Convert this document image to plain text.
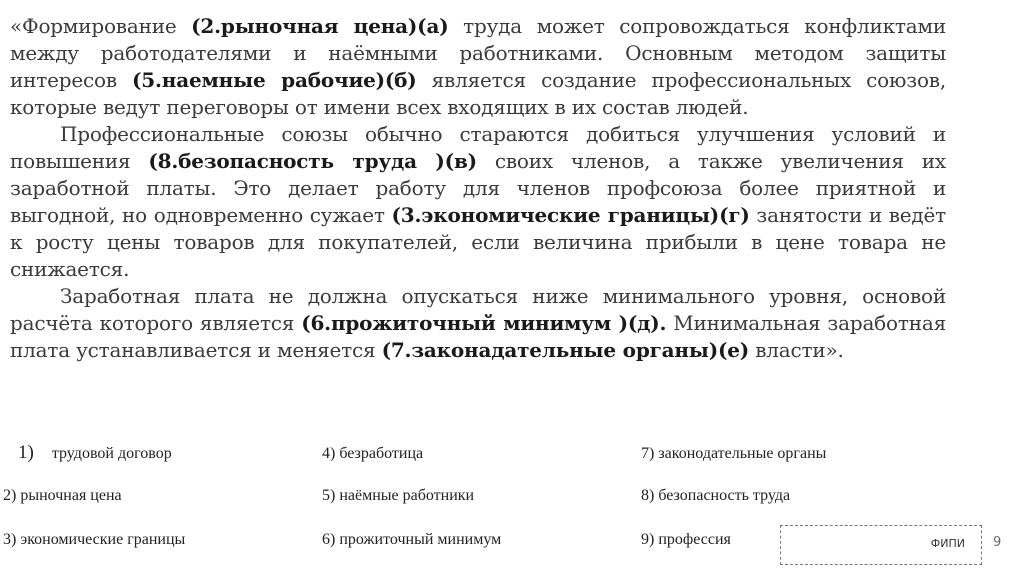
«Формирование (2.рыночная цена)(а) труда может сопровождаться конфликтами между работодателями и наёмными работниками. Основным методом защиты интересов (5.наемные рабочие)(б) является создание профессиональных союзов, которые ведут переговоры от имени всех входящих в их состав людей.

Профессиональные союзы обычно стараются добиться улучшения условий и повышения (8.безопасность труда )(в) своих членов, а также увеличения их заработной платы. Это делает работу для членов профсоюза более приятной и выгодной, но одновременно сужает (3.экономические границы)(г) занятости и ведёт к росту цены товаров для покупателей, если величина прибыли в цене товара не снижается.

Заработная плата не должна опускаться ниже минимального уровня, основой расчёта которого является (6.прожиточный минимум )(д). Минимальная заработная плата устанавливается и меняется (7.законадательные органы)(е) власти».

1) трудовой договор
2) рыночная цена
3) экономические границы
4) безработица
5) наёмные работники
6) прожиточный минимум
7) законодательные органы
8) безопасность труда
9) профессия	ФИПИ 9
